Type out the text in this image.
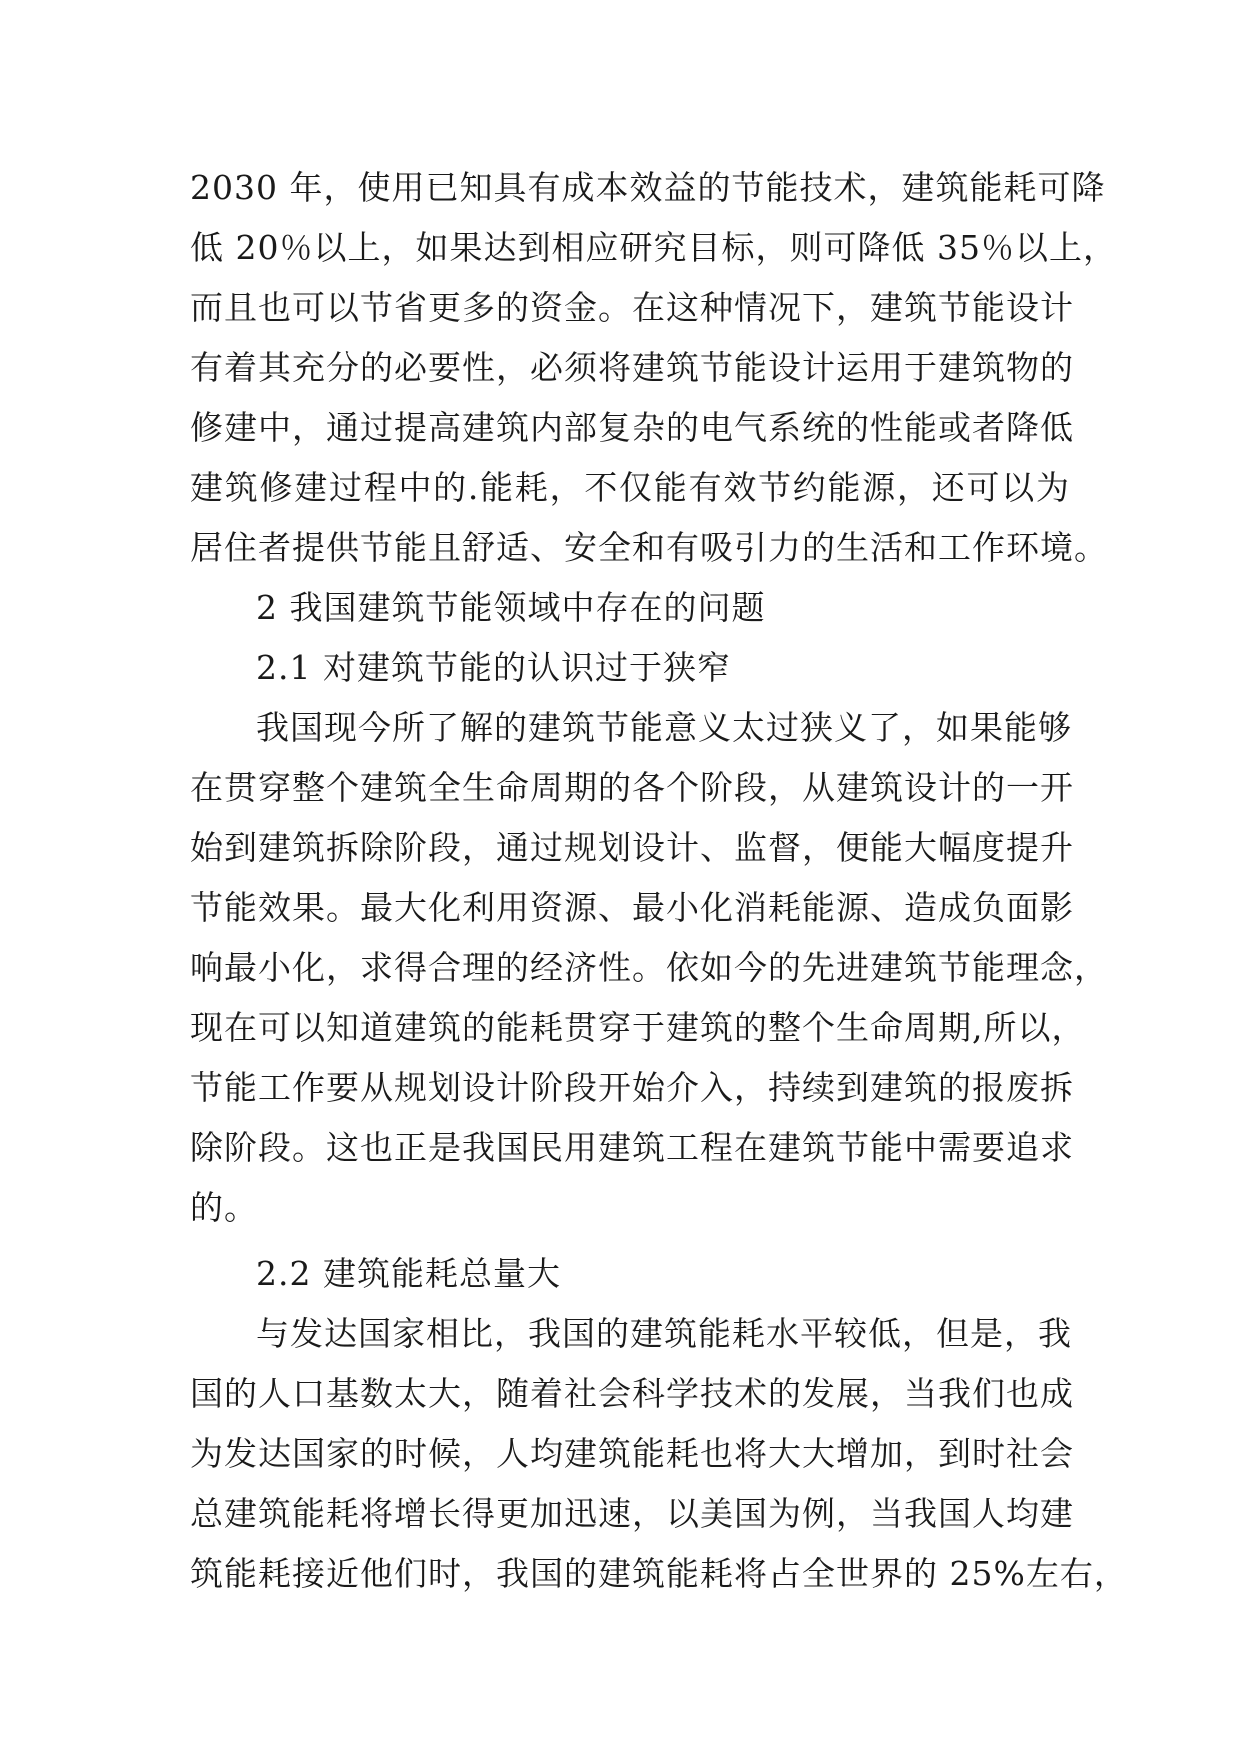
2030 年，使用已知具有成本效益的节能技术，建筑能耗可降
低 20％以上，如果达到相应研究目标，则可降低 35％以上，
而且也可以节省更多的资金。在这种情况下，建筑节能设计
有着其充分的必要性，必须将建筑节能设计运用于建筑物的
修建中，通过提高建筑内部复杂的电气系统的性能或者降低
建筑修建过程中的.能耗，不仅能有效节约能源，还可以为
居住者提供节能且舒适、安全和有吸引力的生活和工作环境。
2 我国建筑节能领域中存在的问题
2.1 对建筑节能的认识过于狭窄
我国现今所了解的建筑节能意义太过狭义了，如果能够
在贯穿整个建筑全生命周期的各个阶段，从建筑设计的一开
始到建筑拆除阶段，通过规划设计、监督，便能大幅度提升
节能效果。最大化利用资源、最小化消耗能源、造成负面影
响最小化，求得合理的经济性。依如今的先进建筑节能理念，
现在可以知道建筑的能耗贯穿于建筑的整个生命周期,所以，
节能工作要从规划设计阶段开始介入，持续到建筑的报废拆
除阶段。这也正是我国民用建筑工程在建筑节能中需要追求
的。
2.2 建筑能耗总量大
与发达国家相比，我国的建筑能耗水平较低，但是，我
国的人口基数太大，随着社会科学技术的发展，当我们也成
为发达国家的时候，人均建筑能耗也将大大增加，到时社会
总建筑能耗将增长得更加迅速，以美国为例，当我国人均建
筑能耗接近他们时，我国的建筑能耗将占全世界的 25%左右，
